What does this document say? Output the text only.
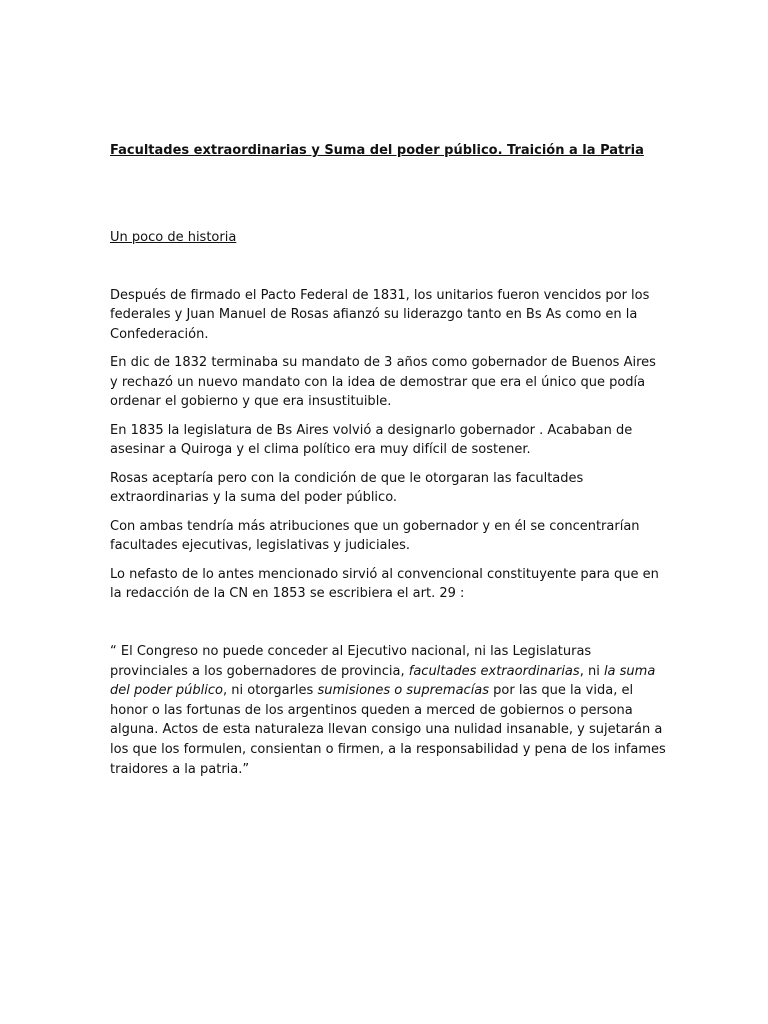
Facultades extraordinarias y Suma del poder público. Traición a la Patria
Un poco de historia

Después de firmado el Pacto Federal de 1831, los unitarios fueron vencidos por los federales y Juan Manuel de Rosas afianzó su liderazgo tanto en Bs As como en la Confederación.

En dic de 1832 terminaba su mandato de 3 años como gobernador de Buenos Aires y rechazó un nuevo mandato con la idea de demostrar que era el único que podía ordenar el gobierno y que era insustituible.

En 1835 la legislatura de Bs Aires volvió a designarlo gobernador . Acababan de asesinar a Quiroga y el clima político era muy difícil de sostener.

Rosas aceptaría pero con la condición de que le otorgaran las facultades extraordinarias y la suma del poder público.

Con ambas tendría más atribuciones que un gobernador y en él se concentrarían facultades ejecutivas, legislativas y judiciales.

Lo nefasto de lo antes mencionado sirvió al convencional constituyente para que en la redacción de la CN en 1853 se escribiera el art. 29 :

“ El Congreso no puede conceder al Ejecutivo nacional, ni las Legislaturas provinciales a los gobernadores de provincia, facultades extraordinarias, ni la suma del poder público, ni otorgarles sumisiones o supremacías por las que la vida, el honor o las fortunas de los argentinos queden a merced de gobiernos o persona alguna. Actos de esta naturaleza llevan consigo una nulidad insanable, y sujetarán a los que los formulen, consientan o firmen, a la responsabilidad y pena de los infames traidores a la patria.”
